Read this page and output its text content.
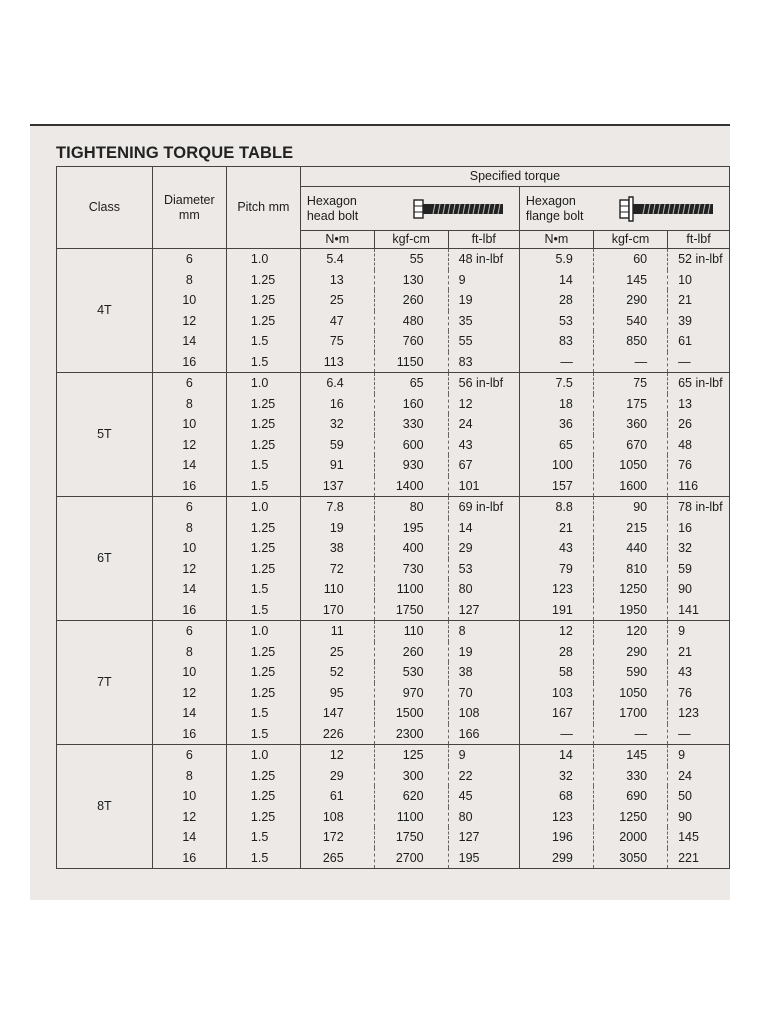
TIGHTENING TORQUE TABLE
Class	Diameter mm	Pitch mm	Specified torque					

			Hexagon head bolt			Hexagon flange bolt		

			N•m	kgf-cm	ft-lbf	N•m	kgf-cm	ft-lbf
4T	6	1.0	5.4	55	48 in-lbf	5.9	60	52 in-lbf
	8	1.25	13	130	9	14	145	10
	10	1.25	25	260	19	28	290	21
	12	1.25	47	480	35	53	540	39
	14	1.5	75	760	55	83	850	61
	16	1.5	113	1150	83	—	—	—
5T	6	1.0	6.4	65	56 in-lbf	7.5	75	65 in-lbf
	8	1.25	16	160	12	18	175	13
	10	1.25	32	330	24	36	360	26
	12	1.25	59	600	43	65	670	48
	14	1.5	91	930	67	100	1050	76
	16	1.5	137	1400	101	157	1600	116
6T	6	1.0	7.8	80	69 in-lbf	8.8	90	78 in-lbf
	8	1.25	19	195	14	21	215	16
	10	1.25	38	400	29	43	440	32
	12	1.25	72	730	53	79	810	59
	14	1.5	110	1100	80	123	1250	90
	16	1.5	170	1750	127	191	1950	141
7T	6	1.0	11	110	8	12	120	9
	8	1.25	25	260	19	28	290	21
	10	1.25	52	530	38	58	590	43
	12	1.25	95	970	70	103	1050	76
	14	1.5	147	1500	108	167	1700	123
	16	1.5	226	2300	166	—	—	—
8T	6	1.0	12	125	9	14	145	9
	8	1.25	29	300	22	32	330	24
	10	1.25	61	620	45	68	690	50
	12	1.25	108	1100	80	123	1250	90
	14	1.5	172	1750	127	196	2000	145
	16	1.5	265	2700	195	299	3050	221
